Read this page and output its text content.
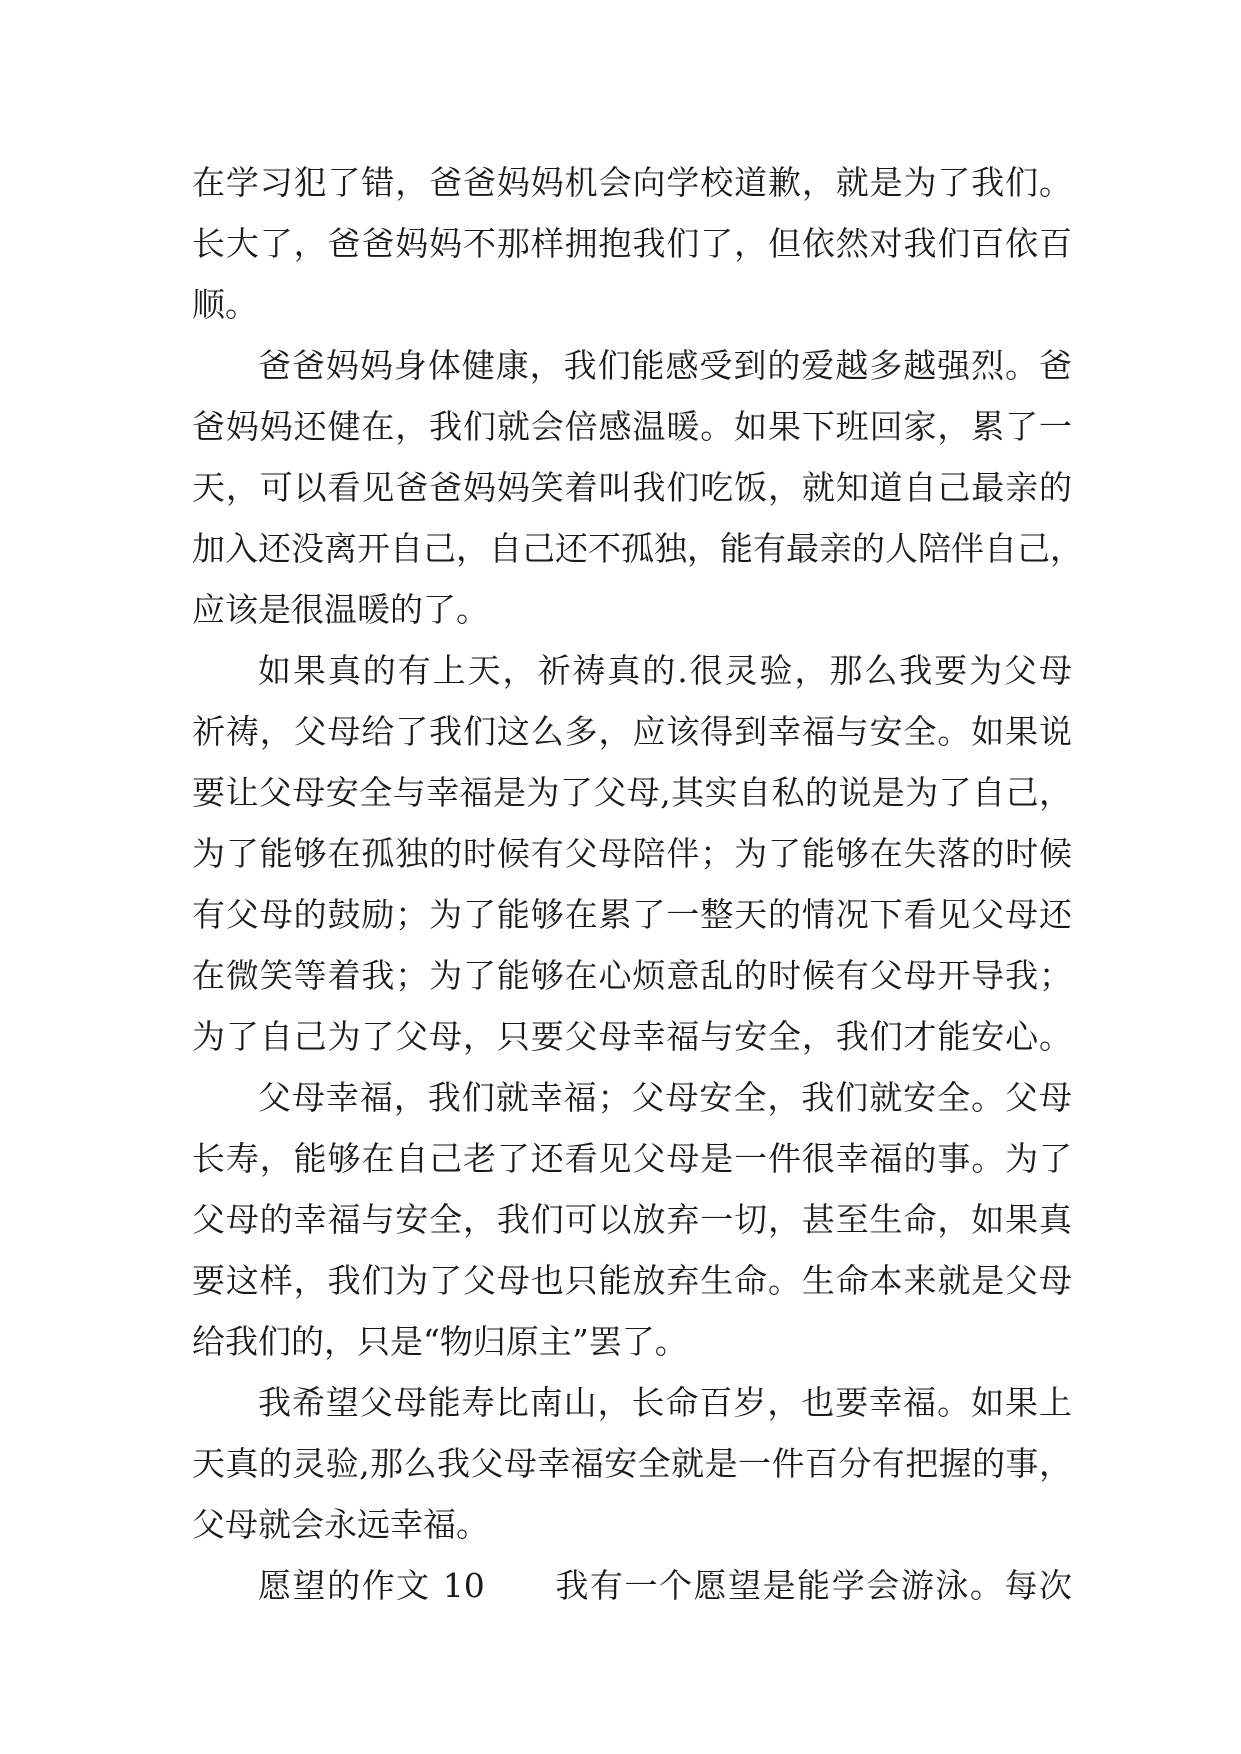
在学习犯了错，爸爸妈妈机会向学校道歉，就是为了我们。
长大了，爸爸妈妈不那样拥抱我们了，但依然对我们百依百
顺。
爸爸妈妈身体健康，我们能感受到的爱越多越强烈。爸
爸妈妈还健在，我们就会倍感温暖。如果下班回家，累了一
天，可以看见爸爸妈妈笑着叫我们吃饭，就知道自己最亲的
加入还没离开自己，自己还不孤独，能有最亲的人陪伴自己，
应该是很温暖的了。
如果真的有上天，祈祷真的.很灵验，那么我要为父母
祈祷，父母给了我们这么多，应该得到幸福与安全。如果说
要让父母安全与幸福是为了父母,其实自私的说是为了自己，
为了能够在孤独的时候有父母陪伴；为了能够在失落的时候
有父母的鼓励；为了能够在累了一整天的情况下看见父母还
在微笑等着我；为了能够在心烦意乱的时候有父母开导我；
为了自己为了父母，只要父母幸福与安全，我们才能安心。
父母幸福，我们就幸福；父母安全，我们就安全。父母
长寿，能够在自己老了还看见父母是一件很幸福的事。为了
父母的幸福与安全，我们可以放弃一切，甚至生命，如果真
要这样，我们为了父母也只能放弃生命。生命本来就是父母
给我们的，只是“物归原主”罢了。
我希望父母能寿比南山，长命百岁，也要幸福。如果上
天真的灵验,那么我父母幸福安全就是一件百分有把握的事，
父母就会永远幸福。
愿望的作文 10　　我有一个愿望是能学会游泳。每次
